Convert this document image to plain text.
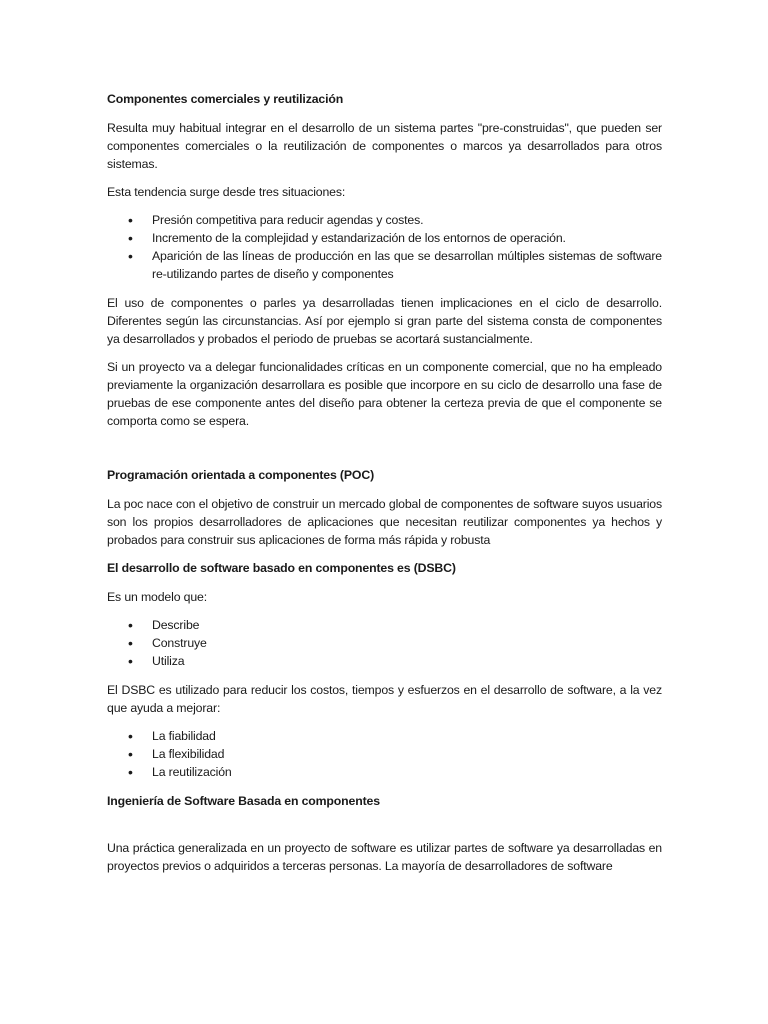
Componentes comerciales y reutilización

Resulta muy habitual integrar en el desarrollo de un sistema partes "pre-construidas", que pueden ser componentes comerciales o la reutilización de componentes o marcos ya desarrollados para otros sistemas.

Esta tendencia surge desde tres situaciones:

• Presión competitiva para reducir agendas y costes.
• Incremento de la complejidad y estandarización de los entornos de operación.
• Aparición de las líneas de producción en las que se desarrollan múltiples sistemas de software re-utilizando partes de diseño y componentes

El uso de componentes o parles ya desarrolladas tienen implicaciones en el ciclo de desarrollo. Diferentes según las circunstancias. Así por ejemplo si gran parte del sistema consta de componentes ya desarrollados y probados el periodo de pruebas se acortará sustancialmente.

Si un proyecto va a delegar funcionalidades críticas en un componente comercial, que no ha empleado previamente la organización desarrollara es posible que incorpore en su ciclo de desarrollo una fase de pruebas de ese componente antes del diseño para obtener la certeza previa de que el componente se comporta como se espera.

Programación orientada a componentes (POC)

La poc nace con el objetivo de construir un mercado global de componentes de software suyos usuarios son los propios desarrolladores de aplicaciones que necesitan reutilizar componentes ya hechos y probados para construir sus aplicaciones de forma más rápida y robusta

El desarrollo de software basado en componentes es (DSBC)

Es un modelo que:

• Describe
• Construye
• Utiliza

El DSBC es utilizado para reducir los costos, tiempos y esfuerzos en el desarrollo de software, a la vez que ayuda a mejorar:

• La fiabilidad
• La flexibilidad
• La reutilización
Ingeniería de Software Basada en componentes

Una práctica generalizada en un proyecto de software es utilizar partes de software ya desarrolladas en proyectos previos o adquiridos a terceras personas. La mayoría de desarrolladores de software
